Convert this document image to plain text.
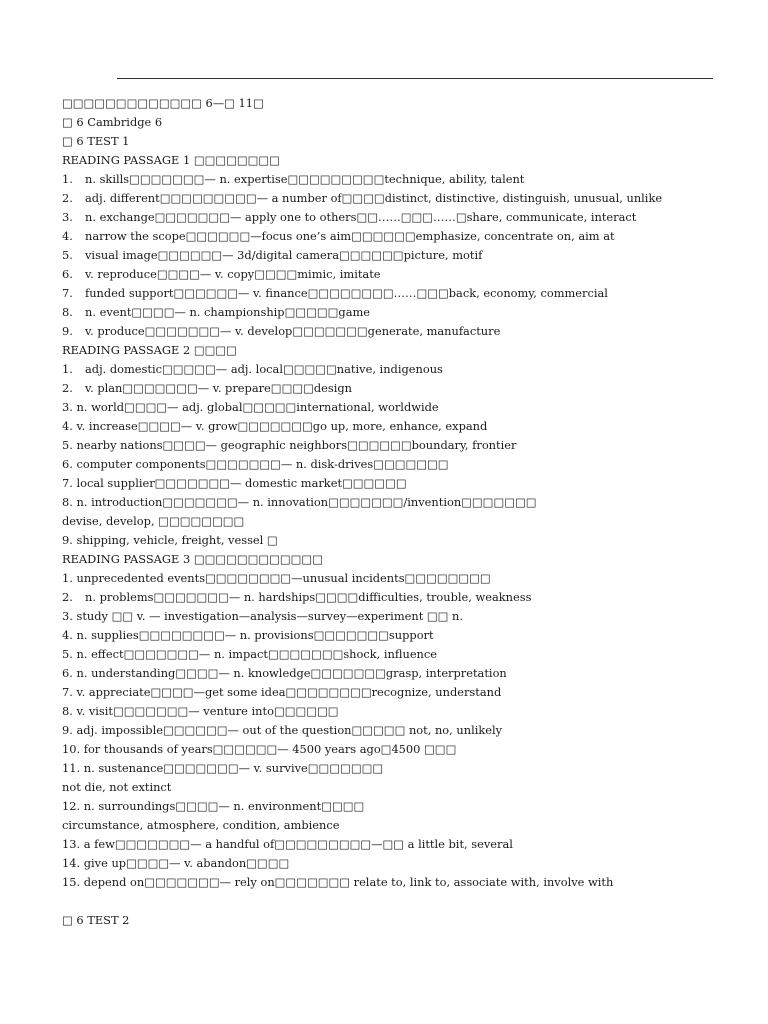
□□□□□□□□□□□□□ 6—□ 11□
□ 6 Cambridge 6
□ 6 TEST 1
READING PASSAGE 1 □□□□□□□□
1. n. skills□□□□□□□— n. expertise□□□□□□□□□technique, ability, talent
2. adj. different□□□□□□□□□— a number of□□□□distinct, distinctive, distinguish, unusual, unlike
3. n. exchange□□□□□□□— apply one to others□□……□□□……□share, communicate, interact
4. narrow the scope□□□□□□—focus one’s aim□□□□□□emphasize, concentrate on, aim at
5. visual image□□□□□□— 3d/digital camera□□□□□□picture, motif
6. v. reproduce□□□□— v. copy□□□□mimic, imitate
7. funded support□□□□□□— v. finance□□□□□□□□……□□□back, economy, commercial
8. n. event□□□□— n. championship□□□□□game
9. v. produce□□□□□□□— v. develop□□□□□□□generate, manufacture
READING PASSAGE 2 □□□□
1. adj. domestic□□□□□— adj. local□□□□□native, indigenous
2. v. plan□□□□□□□— v. prepare□□□□design
3. n. world□□□□— adj. global□□□□□international, worldwide
4. v. increase□□□□— v. grow□□□□□□□go up, more, enhance, expand
5. nearby nations□□□□— geographic neighbors□□□□□□boundary, frontier
6. computer components□□□□□□□— n. disk-drives□□□□□□□
7. local supplier□□□□□□□— domestic market□□□□□□
8. n. introduction□□□□□□□— n. innovation□□□□□□□/invention□□□□□□□
devise, develop, □□□□□□□□
9. shipping, vehicle, freight, vessel □
READING PASSAGE 3 □□□□□□□□□□□□
1. unprecedented events□□□□□□□□—unusual incidents□□□□□□□□
2. n. problems□□□□□□□— n. hardships□□□□difficulties, trouble, weakness
3. study □□ v. — investigation—analysis—survey—experiment □□ n.
4. n. supplies□□□□□□□□— n. provisions□□□□□□□support
5. n. effect□□□□□□□— n. impact□□□□□□□shock, influence
6. n. understanding□□□□— n. knowledge□□□□□□□grasp, interpretation
7. v. appreciate□□□□—get some idea□□□□□□□□recognize, understand
8. v. visit□□□□□□□— venture into□□□□□□
9. adj. impossible□□□□□□— out of the question□□□□□ not, no, unlikely
10. for thousands of years□□□□□□— 4500 years ago□4500 □□□
11. n. sustenance□□□□□□□— v. survive□□□□□□□
not die, not extinct
12. n. surroundings□□□□— n. environment□□□□
circumstance, atmosphere, condition, ambience
13. a few□□□□□□□— a handful of□□□□□□□□□—□□ a little bit, several
14. give up□□□□— v. abandon□□□□
15. depend on□□□□□□□— rely on□□□□□□□ relate to, link to, associate with, involve with
□ 6 TEST 2
